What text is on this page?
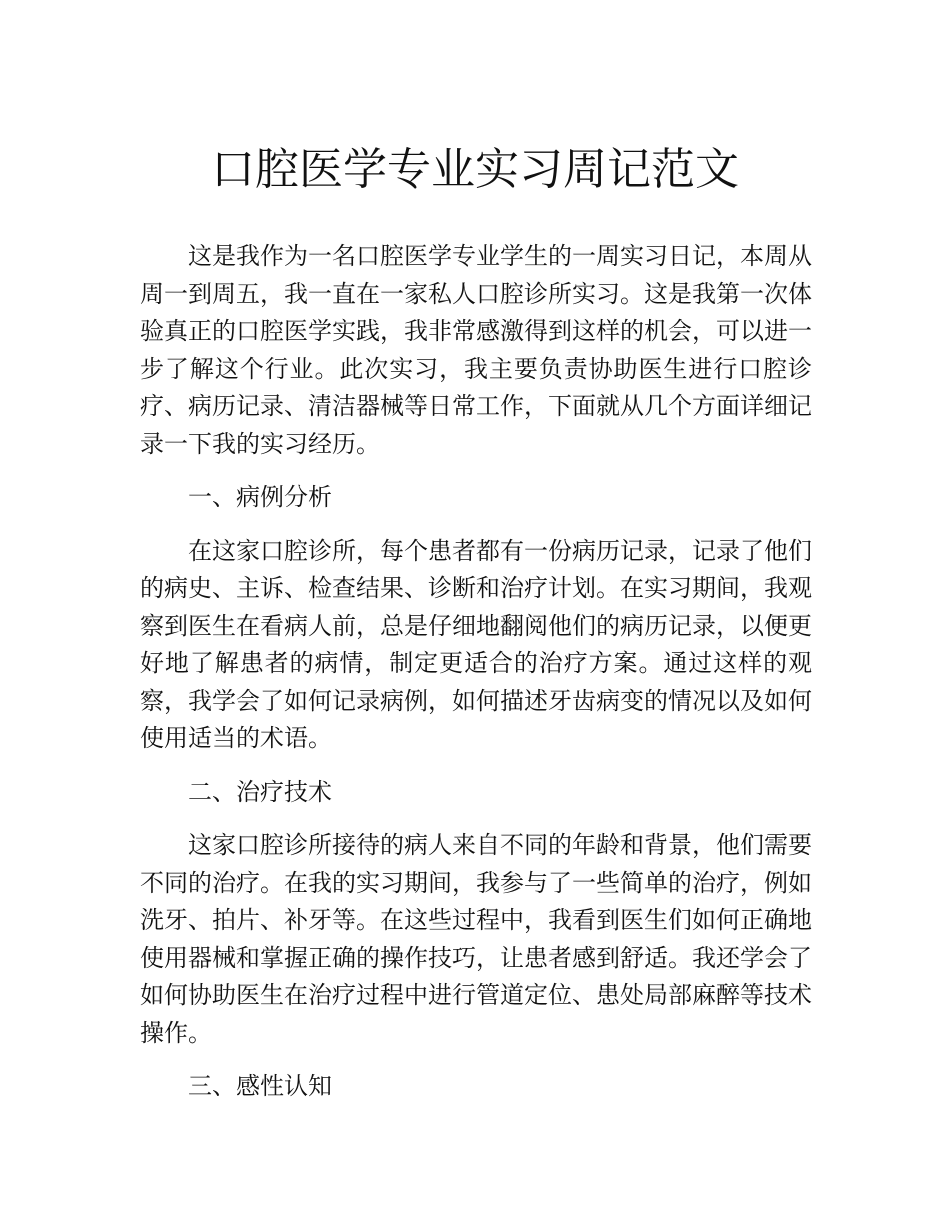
口腔医学专业实习周记范文

这是我作为一名口腔医学专业学生的一周实习日记，本周从周一到周五，我一直在一家私人口腔诊所实习。这是我第一次体验真正的口腔医学实践，我非常感激得到这样的机会，可以进一步了解这个行业。此次实习，我主要负责协助医生进行口腔诊疗、病历记录、清洁器械等日常工作，下面就从几个方面详细记录一下我的实习经历。

一、病例分析

在这家口腔诊所，每个患者都有一份病历记录，记录了他们的病史、主诉、检查结果、诊断和治疗计划。在实习期间，我观察到医生在看病人前，总是仔细地翻阅他们的病历记录，以便更好地了解患者的病情，制定更适合的治疗方案。通过这样的观察，我学会了如何记录病例，如何描述牙齿病变的情况以及如何使用适当的术语。

二、治疗技术

这家口腔诊所接待的病人来自不同的年龄和背景，他们需要不同的治疗。在我的实习期间，我参与了一些简单的治疗，例如洗牙、拍片、补牙等。在这些过程中，我看到医生们如何正确地使用器械和掌握正确的操作技巧，让患者感到舒适。我还学会了如何协助医生在治疗过程中进行管道定位、患处局部麻醉等技术操作。

三、感性认知
